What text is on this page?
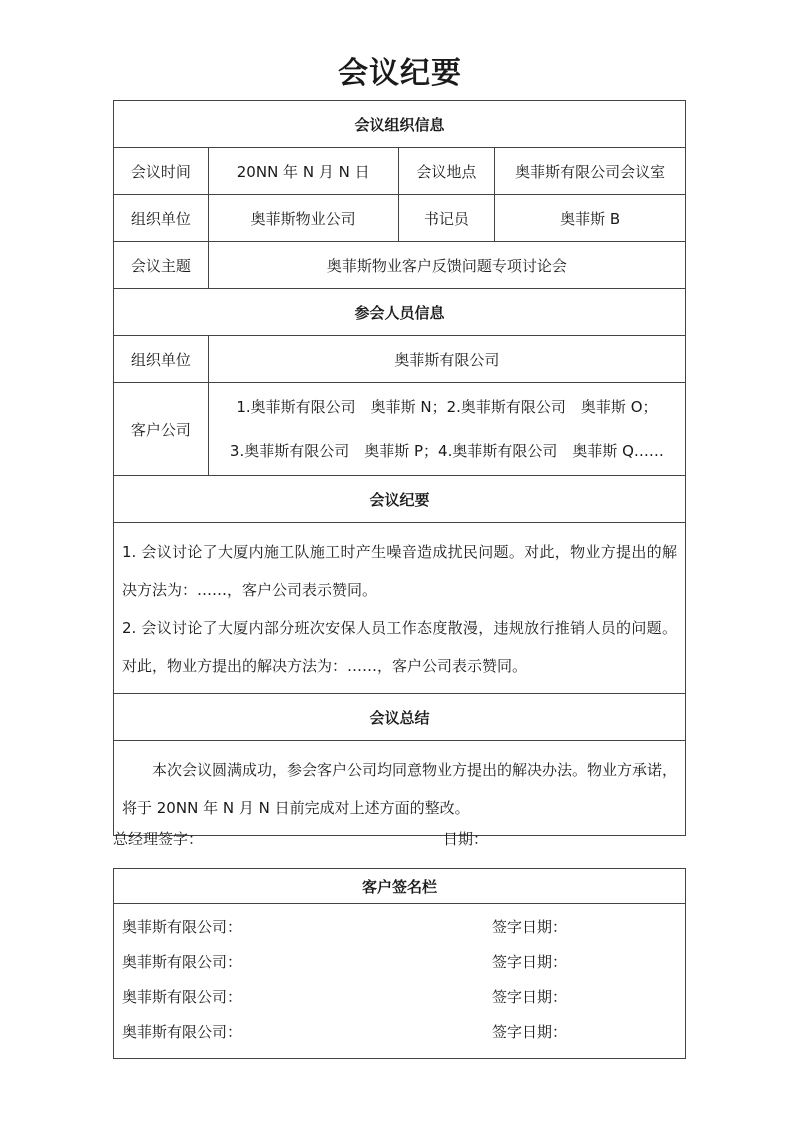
会议纪要
会议组织信息			
会议时间	20NN 年 N 月 N 日	会议地点	奥菲斯有限公司会议室
组织单位	奥菲斯物业公司	书记员	奥菲斯 B
会议主题	奥菲斯物业客户反馈问题专项讨论会		
参会人员信息			
组织单位	奥菲斯有限公司		
客户公司	1.奥菲斯有限公司　奥菲斯 N；2.奥菲斯有限公司　奥菲斯 O；
3.奥菲斯有限公司　奥菲斯 P；4.奥菲斯有限公司　奥菲斯 Q……		

会议纪要			

1. 会议讨论了大厦内施工队施工时产生噪音造成扰民问题。对此，物业方提出的解决方法为：……，客户公司表示赞同。

2. 会议讨论了大厦内部分班次安保人员工作态度散漫，违规放行推销人员的问题。对此，物业方提出的解决方法为：……，客户公司表示赞同。			

会议总结			

本次会议圆满成功，参会客户公司均同意物业方提出的解决办法。物业方承诺，将于 20NN 年 N 月 N 日前完成对上述方面的整改。			

总经理签字：	日期：
客户签名栏

奥菲斯有限公司：	签字日期：
奥菲斯有限公司：	签字日期：
奥菲斯有限公司：	签字日期：
奥菲斯有限公司：	签字日期：
